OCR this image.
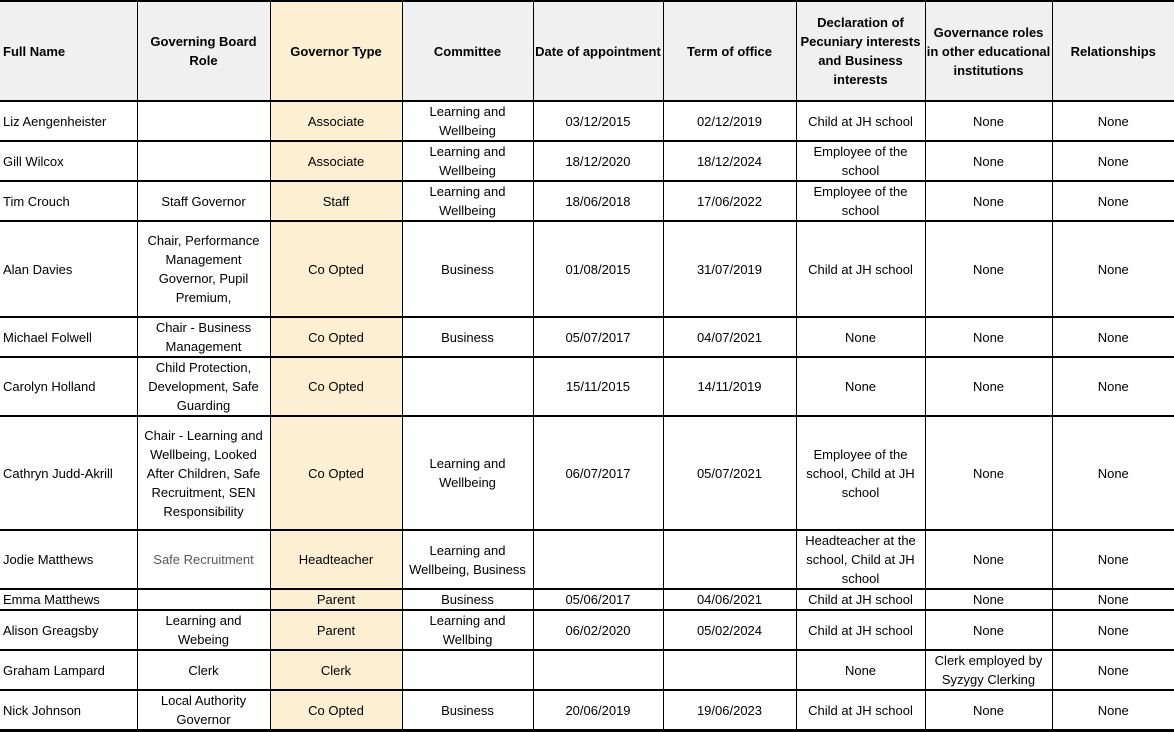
Full Name	Governing Board Role	Governor Type	Committee	Date of appointment	Term of office	Declaration of Pecuniary interests and Business interests	Governance roles in other educational institutions	Relationships
Liz Aengenheister		Associate	Learning and Wellbeing	03/12/2015	02/12/2019	Child at JH school	None	None
Gill Wilcox		Associate	Learning and Wellbeing	18/12/2020	18/12/2024	Employee of the school	None	None
Tim Crouch	Staff Governor	Staff	Learning and Wellbeing	18/06/2018	17/06/2022	Employee of the school	None	None
Alan Davies	Chair, Performance Management Governor, Pupil Premium,	Co Opted	Business	01/08/2015	31/07/2019	Child at JH school	None	None
Michael Folwell	Chair - Business Management	Co Opted	Business	05/07/2017	04/07/2021	None	None	None
Carolyn Holland	Child Protection, Development, Safe Guarding	Co Opted		15/11/2015	14/11/2019	None	None	None
Cathryn Judd-Akrill	Chair - Learning and Wellbeing, Looked After Children, Safe Recruitment, SEN Responsibility	Co Opted	Learning and Wellbeing	06/07/2017	05/07/2021	Employee of the school, Child at JH school	None	None
Jodie Matthews	Safe Recruitment	Headteacher	Learning and Wellbeing, Business			Headteacher at the school, Child at JH school	None	None
Emma Matthews		Parent	Business	05/06/2017	04/06/2021	Child at JH school	None	None
Alison Greagsby	Learning and Webeing	Parent	Learning and Wellbing	06/02/2020	05/02/2024	Child at JH school	None	None
Graham Lampard	Clerk	Clerk				None	Clerk employed by Syzygy Clerking	None
Nick Johnson	Local Authority Governor	Co Opted	Business	20/06/2019	19/06/2023	Child at JH school	None	None
